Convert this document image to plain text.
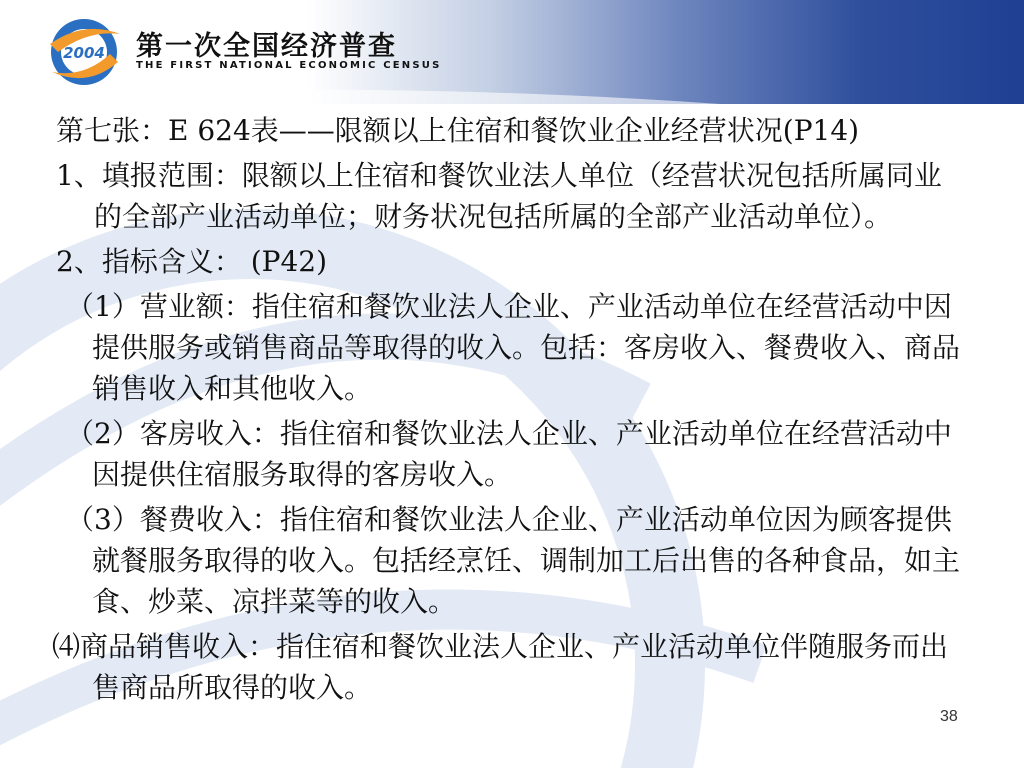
2004 第一次全国经济普查

THE FIRST NATIONAL ECONOMIC CENSUS

第七张：E 624表——限额以上住宿和餐饮业企业经营状况(P14)

1、填报范围：限额以上住宿和餐饮业法人单位（经营状况包括所属同业的全部产业活动单位；财务状况包括所属的全部产业活动单位）。

2、指标含义： (P42)

（1）营业额：指住宿和餐饮业法人企业、产业活动单位在经营活动中因提供服务或销售商品等取得的收入。包括：客房收入、餐费收入、商品销售收入和其他收入。

（2）客房收入：指住宿和餐饮业法人企业、产业活动单位在经营活动中因提供住宿服务取得的客房收入。

（3）餐费收入：指住宿和餐饮业法人企业、产业活动单位因为顾客提供就餐服务取得的收入。包括经烹饪、调制加工后出售的各种食品，如主食、炒菜、凉拌菜等的收入。

⑷商品销售收入：指住宿和餐饮业法人企业、产业活动单位伴随服务而出售商品所取得的收入。

38
